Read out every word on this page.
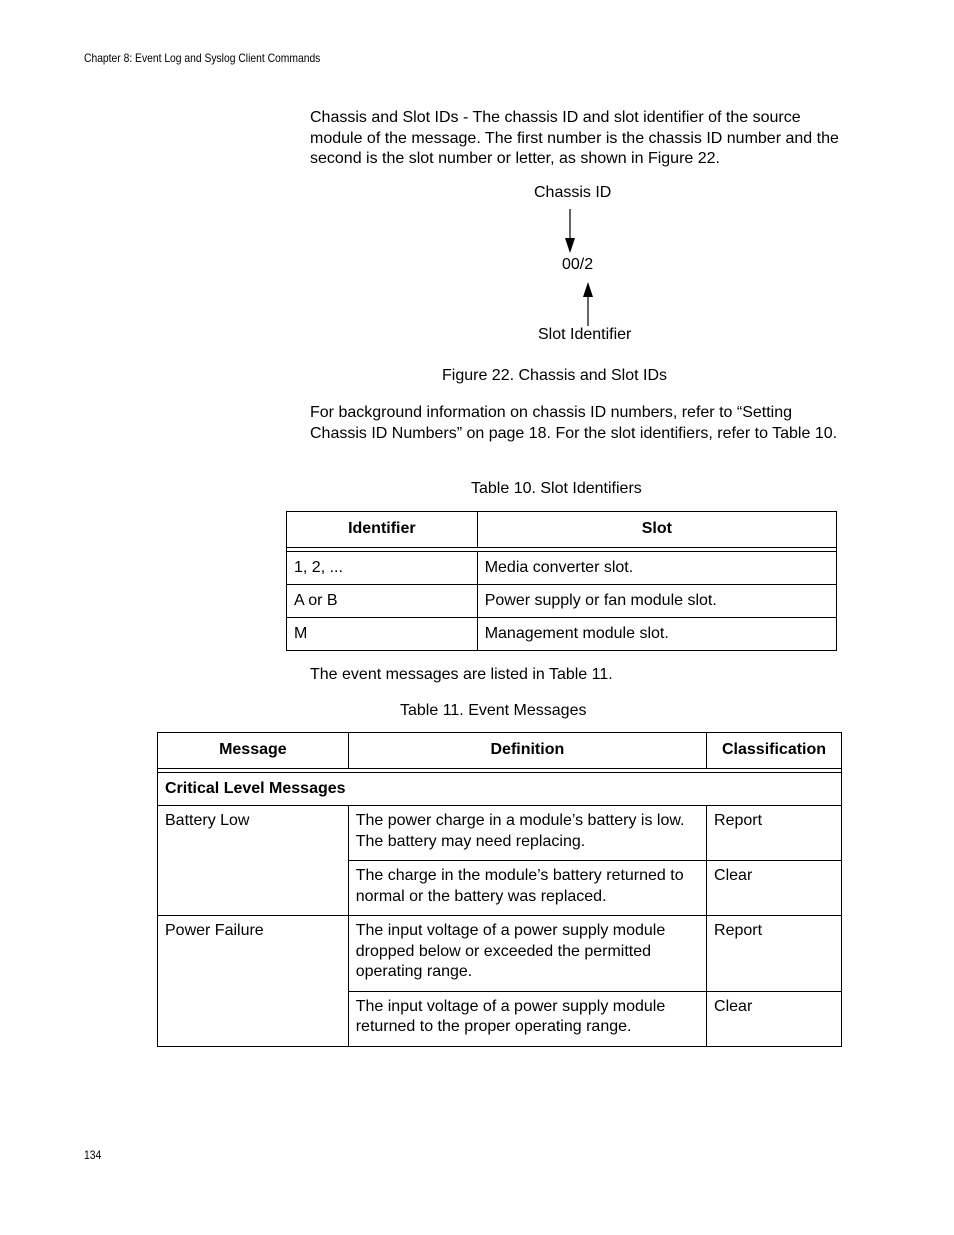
Chapter 8: Event Log and Syslog Client Commands
Chassis and Slot IDs - The chassis ID and slot identifier of the source module of the message. The first number is the chassis ID number and the second is the slot number or letter, as shown in Figure 22.
Chassis ID
00/2
Slot Identifier
Figure 22. Chassis and Slot IDs
For background information on chassis ID numbers, refer to “Setting Chassis ID Numbers” on page 18. For the slot identifiers, refer to Table 10.
Table 10. Slot Identifiers
Identifier	Slot

1, 2, ...	Media converter slot.
A or B	Power supply or fan module slot.
M	Management module slot.
The event messages are listed in Table 11.
Table 11. Event Messages
Message	Definition	Classification

Critical Level Messages		
Battery Low	The power charge in a module’s battery is low. The battery may need replacing.	Report
	The charge in the module’s battery returned to normal or the battery was replaced.	Clear
Power Failure	The input voltage of a power supply module dropped below or exceeded the permitted operating range.	Report
	The input voltage of a power supply module returned to the proper operating range.	Clear
134
